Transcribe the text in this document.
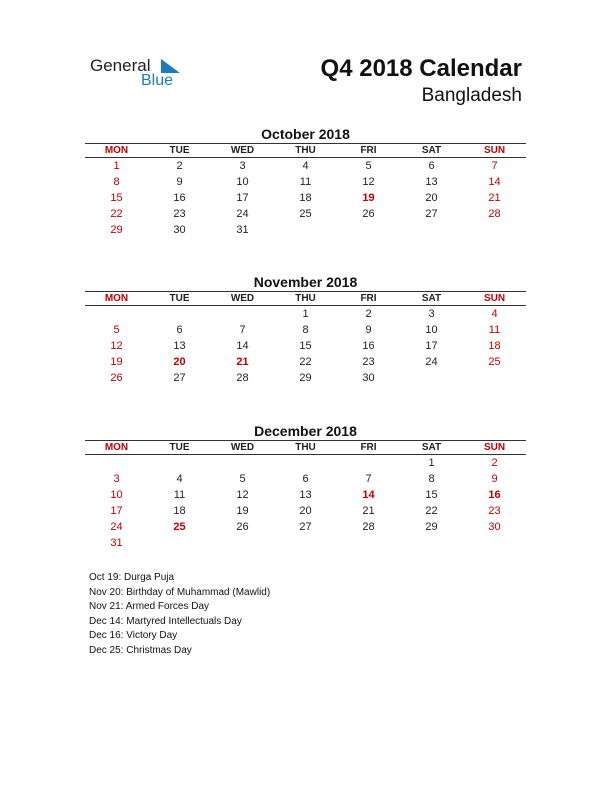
General
Blue	Q4 2018 Calendar
Bangladesh
October 2018
MON	TUE	WED	THU	FRI	SAT	SUN
1	2	3	4	5	6	7
8	9	10	11	12	13	14
15	16	17	18	19	20	21
22	23	24	25	26	27	28
29	30	31				
November 2018
MON	TUE	WED	THU	FRI	SAT	SUN
			1	2	3	4
5	6	7	8	9	10	11
12	13	14	15	16	17	18
19	20	21	22	23	24	25
26	27	28	29	30		
December 2018
MON	TUE	WED	THU	FRI	SAT	SUN
					1	2
3	4	5	6	7	8	9
10	11	12	13	14	15	16
17	18	19	20	21	22	23
24	25	26	27	28	29	30
31						
Oct 19: Durga Puja
Nov 20: Birthday of Muhammad (Mawlid)
Nov 21: Armed Forces Day
Dec 14: Martyred Intellectuals Day
Dec 16: Victory Day
Dec 25: Christmas Day
